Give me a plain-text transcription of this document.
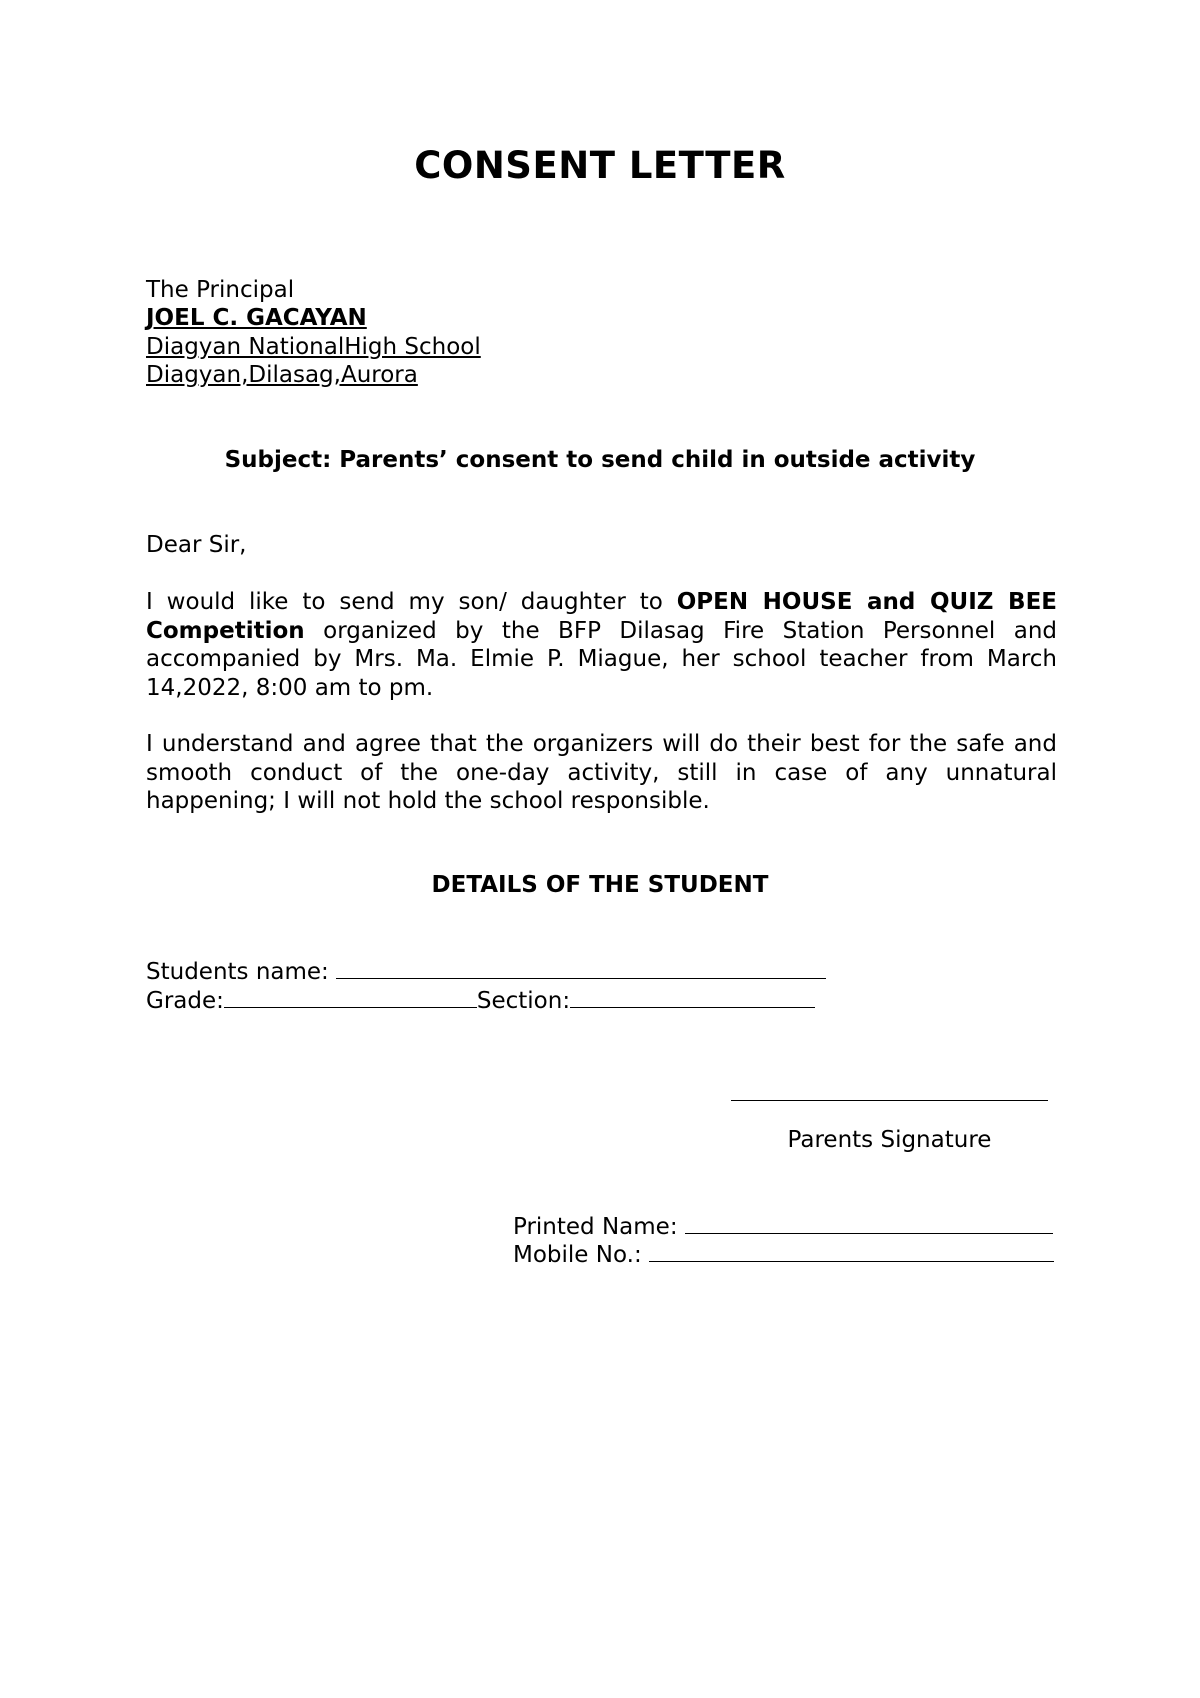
CONSENT LETTER

The Principal

JOEL C. GACAYAN

Diagyan NationalHigh School

Diagyan,Dilasag,Aurora

Subject: Parents’ consent to send child in outside activity

Dear Sir,

I would like to send my son/ daughter to OPEN HOUSE and QUIZ BEE Competition organized by the BFP Dilasag Fire Station Personnel and accompanied by Mrs. Ma. Elmie P. Miague, her school teacher from March 14,2022, 8:00 am to pm.

I understand and agree that the organizers will do their best for the safe and smooth conduct of the one-day activity, still in case of any unnatural happening; I will not hold the school responsible.

DETAILS OF THE STUDENT

Students name:
Grade:	Section:

Parents Signature

Printed Name:
Mobile No.:
